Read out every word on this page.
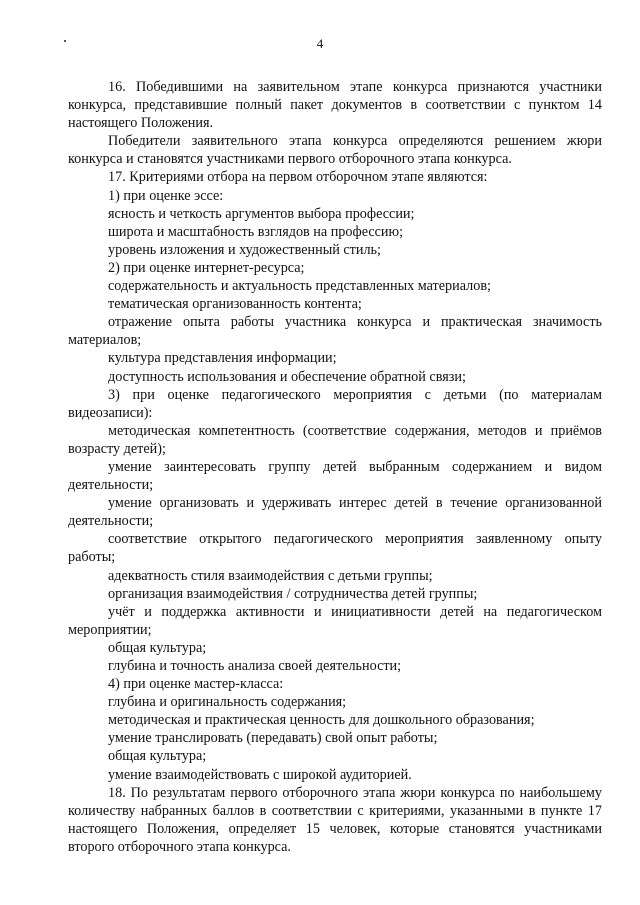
4

16. Победившими на заявительном этапе конкурса признаются участники конкурса, представившие полный пакет документов в соответствии с пунктом 14 настоящего Положения.

Победители заявительного этапа конкурса определяются решением жюри конкурса и становятся участниками первого отборочного этапа конкурса.

17. Критериями отбора на первом отборочном этапе являются:

1) при оценке эссе:

ясность и четкость аргументов выбора профессии;

широта и масштабность взглядов на профессию;

уровень изложения и художественный стиль;

2) при оценке интернет-ресурса;

содержательность и актуальность представленных материалов;

тематическая организованность контента;

отражение опыта работы участника конкурса и практическая значимость материалов;

культура представления информации;

доступность использования и обеспечение обратной связи;

3) при оценке педагогического мероприятия с детьми (по материалам видеозаписи):

методическая компетентность (соответствие содержания, методов и приёмов возрасту детей);

умение заинтересовать группу детей выбранным содержанием и видом деятельности;

умение организовать и удерживать интерес детей в течение организованной деятельности;

соответствие открытого педагогического мероприятия заявленному опыту работы;

адекватность стиля взаимодействия с детьми группы;

организация взаимодействия / сотрудничества детей группы;

учёт и поддержка активности и инициативности детей на педагогическом мероприятии;

общая культура;

глубина и точность анализа своей деятельности;

4) при оценке мастер-класса:

глубина и оригинальность содержания;

методическая и практическая ценность для дошкольного образования;

умение транслировать (передавать) свой опыт работы;

общая культура;

умение взаимодействовать с широкой аудиторией.

18. По результатам первого отборочного этапа жюри конкурса по наибольшему количеству набранных баллов в соответствии с критериями, указанными в пункте 17 настоящего Положения, определяет 15 человек, которые становятся участниками второго отборочного этапа конкурса.
